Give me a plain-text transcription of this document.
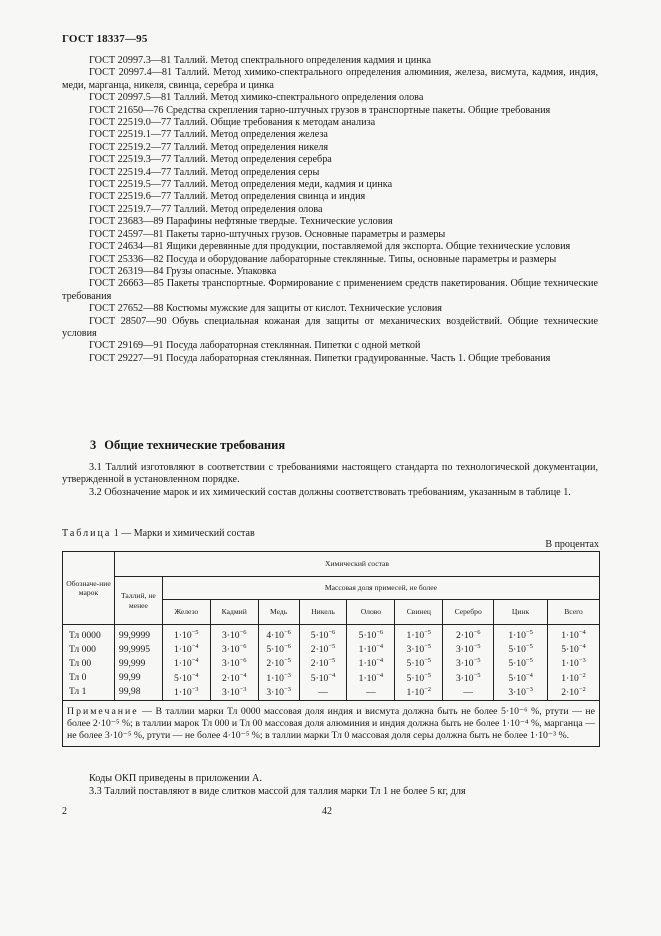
ГОСТ 18337—95

ГОСТ 20997.3—81 Таллий. Метод спектрального определения кадмия и цинка

ГОСТ 20997.4—81 Таллий. Метод химико-спектрального определения алюминия, железа, висмута, кадмия, индия, меди, марганца, никеля, свинца, серебра и цинка

ГОСТ 20997.5—81 Таллий. Метод химико-спектрального определения олова

ГОСТ 21650—76 Средства скрепления тарно-штучных грузов в транспортные пакеты. Общие требования

ГОСТ 22519.0—77 Таллий. Общие требования к методам анализа

ГОСТ 22519.1—77 Таллий. Метод определения железа

ГОСТ 22519.2—77 Таллий. Метод определения никеля

ГОСТ 22519.3—77 Таллий. Метод определения серебра

ГОСТ 22519.4—77 Таллий. Метод определения серы

ГОСТ 22519.5—77 Таллий. Метод определения меди, кадмия и цинка

ГОСТ 22519.6—77 Таллий. Метод определения свинца и индия

ГОСТ 22519.7—77 Таллий. Метод определения олова

ГОСТ 23683—89 Парафины нефтяные твердые. Технические условия

ГОСТ 24597—81 Пакеты тарно-штучных грузов. Основные параметры и размеры

ГОСТ 24634—81 Ящики деревянные для продукции, поставляемой для экспорта. Общие технические условия

ГОСТ 25336—82 Посуда и оборудование лабораторные стеклянные. Типы, основные параметры и размеры

ГОСТ 26319—84 Грузы опасные. Упаковка

ГОСТ 26663—85 Пакеты транспортные. Формирование с применением средств пакетирования. Общие технические требования

ГОСТ 27652—88 Костюмы мужские для защиты от кислот. Технические условия

ГОСТ 28507—90 Обувь специальная кожаная для защиты от механических воздействий. Общие технические условия

ГОСТ 29169—91 Посуда лабораторная стеклянная. Пипетки с одной меткой

ГОСТ 29227—91 Посуда лабораторная стеклянная. Пипетки градуированные. Часть 1. Общие требования

3 Общие технические требования

3.1 Таллий изготовляют в соответствии с требованиями настоящего стандарта по технологической документации, утвержденной в установленном порядке.

3.2 Обозначение марок и их химический состав должны соответствовать требованиям, указанным в таблице 1.

Таблица 1 — Марки и химический состав
В процентах
Обозначе-ние марок	Химический состав									
	Таллий, не менее	Массовая доля примесей, не более								
		Железо	Кадмий	Медь	Никель	Олово	Свинец	Серебро	Цинк	Всего
Тл 0000	99,9999	$1\cdot 10^{-5}$	$3\cdot 10^{-6}$	$4\cdot 10^{-6}$	$5\cdot 10^{-6}$	$5\cdot 10^{-6}$	$1\cdot 10^{-5}$	$2\cdot 10^{-6}$	$1\cdot 10^{-5}$	$1\cdot 10^{-4}$
Тл 000	99,9995	$1\cdot 10^{-4}$	$3\cdot 10^{-6}$	$5\cdot 10^{-6}$	$2\cdot 10^{-5}$	$1\cdot 10^{-4}$	$3\cdot 10^{-5}$	$3\cdot 10^{-5}$	$5\cdot 10^{-5}$	$5\cdot 10^{-4}$
Тл 00	99,999	$1\cdot 10^{-4}$	$3\cdot 10^{-6}$	$2\cdot 10^{-5}$	$2\cdot 10^{-5}$	$1\cdot 10^{-4}$	$5\cdot 10^{-5}$	$3\cdot 10^{-5}$	$5\cdot 10^{-5}$	$1\cdot 10^{-3}$
Тл 0	99,99	$5\cdot 10^{-4}$	$2\cdot 10^{-4}$	$1\cdot 10^{-3}$	$5\cdot 10^{-4}$	$1\cdot 10^{-4}$	$5\cdot 10^{-5}$	$3\cdot 10^{-5}$	$5\cdot 10^{-4}$	$1\cdot 10^{-2}$
Тл 1	99,98	$1\cdot 10^{-3}$	$3\cdot 10^{-3}$	$3\cdot 10^{-3}$	—	—	$1\cdot 10^{-2}$	—	$3\cdot 10^{-3}$	$2\cdot 10^{-2}$
Примечание — В таллии марки Тл 0000 массовая доля индия и висмута должна быть не более 5·10⁻⁶ %, ртути — не более 2·10⁻⁵ %; в таллии марок Тл 000 и Тл 00 массовая доля алюминия и индия должна быть не более 1·10⁻⁴ %, марганца — не более 3·10⁻⁵ %, ртути — не более 4·10⁻⁵ %; в таллии марки Тл 0 массовая доля серы должна быть не более 1·10⁻³ %.										

Коды ОКП приведены в приложении А.

3.3 Таллий поставляют в виде слитков массой для таллия марки Тл 1 не более 5 кг, для

2	42
